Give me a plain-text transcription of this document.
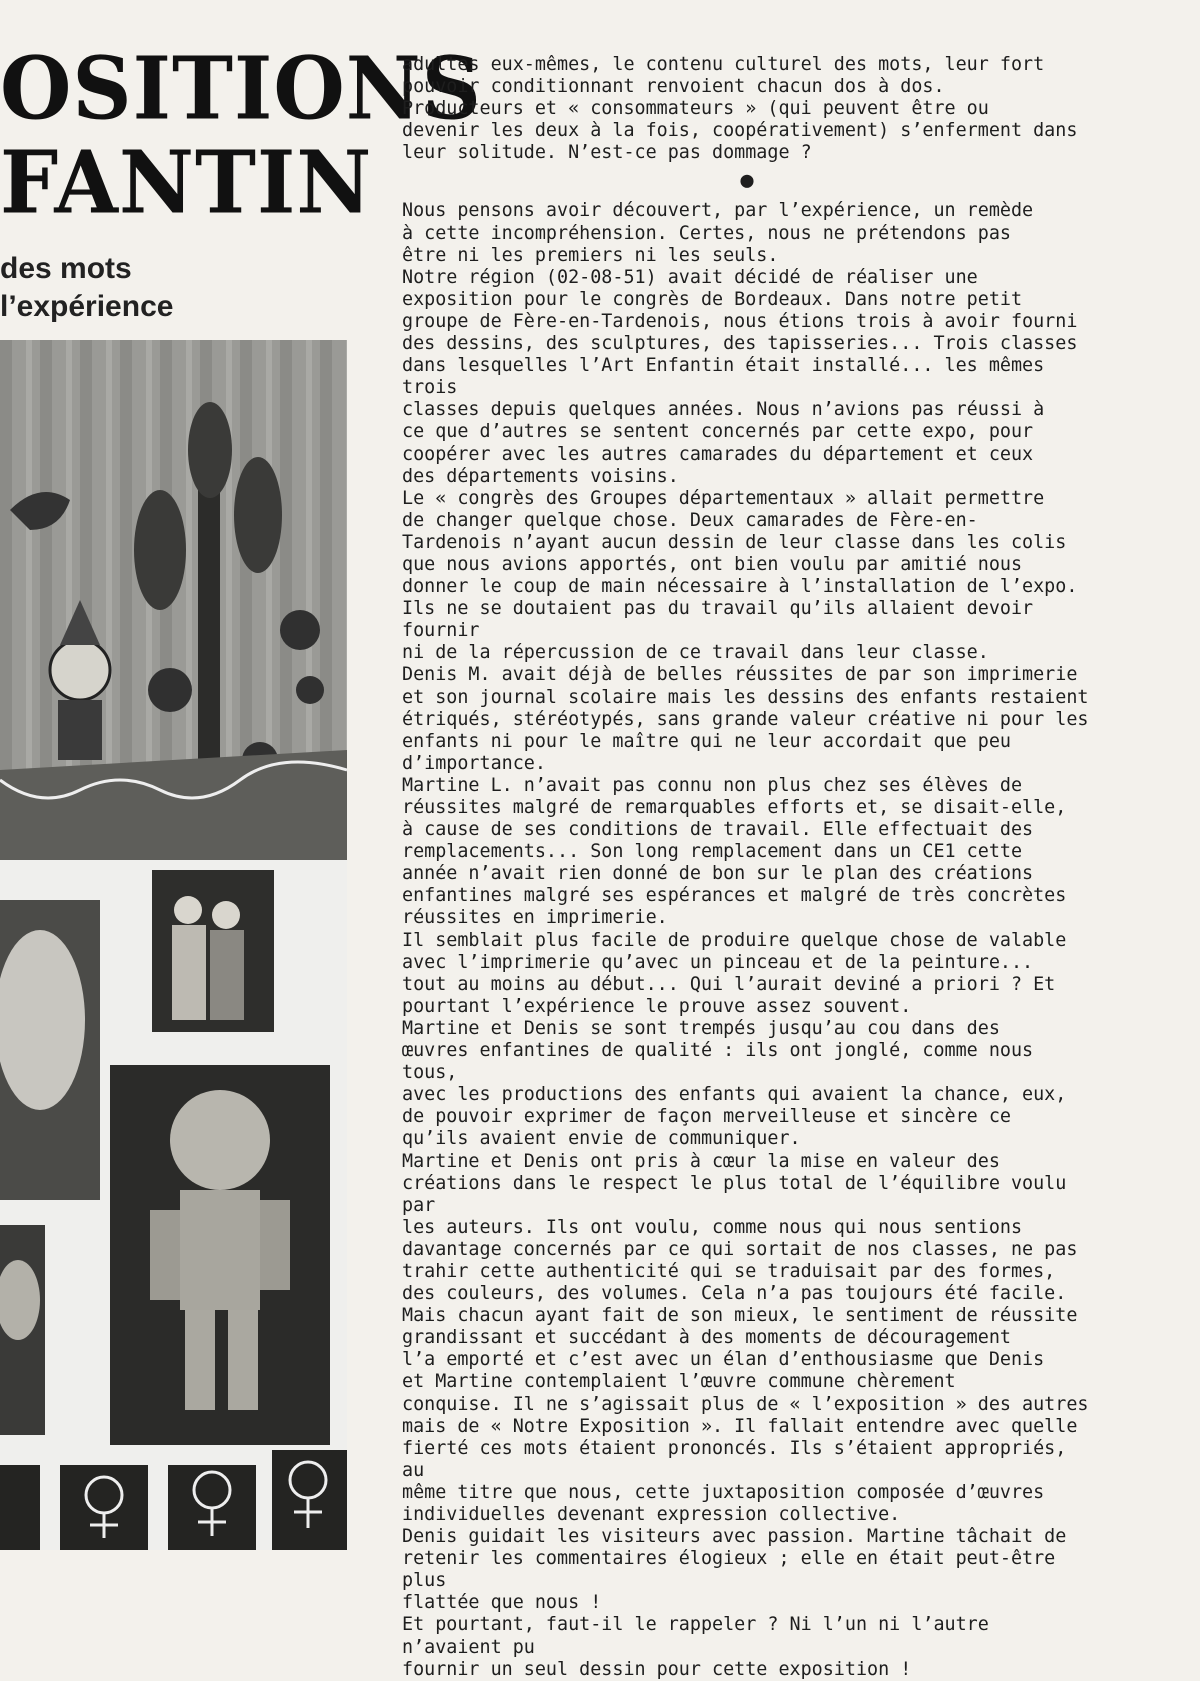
OSITIONS
FANTIN
des mots
l’expérience

adultes eux-mêmes, le contenu culturel des mots, leur fort

pouvoir conditionnant renvoient chacun dos à dos.

Producteurs et « consommateurs » (qui peuvent être ou

devenir les deux à la fois, coopérativement) s’enferment dans

leur solitude. N’est-ce pas dommage ?

●

Nous pensons avoir découvert, par l’expérience, un remède

à cette incompréhension. Certes, nous ne prétendons pas

être ni les premiers ni les seuls.

Notre région (02-08-51) avait décidé de réaliser une

exposition pour le congrès de Bordeaux. Dans notre petit

groupe de Fère-en-Tardenois, nous étions trois à avoir fourni

des dessins, des sculptures, des tapisseries... Trois classes

dans lesquelles l’Art Enfantin était installé... les mêmes trois

classes depuis quelques années. Nous n’avions pas réussi à

ce que d’autres se sentent concernés par cette expo, pour

coopérer avec les autres camarades du département et ceux

des départements voisins.

Le « congrès des Groupes départementaux » allait permettre

de changer quelque chose. Deux camarades de Fère-en-

Tardenois n’ayant aucun dessin de leur classe dans les colis

que nous avions apportés, ont bien voulu par amitié nous

donner le coup de main nécessaire à l’installation de l’expo.

Ils ne se doutaient pas du travail qu’ils allaient devoir fournir

ni de la répercussion de ce travail dans leur classe.

Denis M. avait déjà de belles réussites de par son imprimerie

et son journal scolaire mais les dessins des enfants restaient

étriqués, stéréotypés, sans grande valeur créative ni pour les

enfants ni pour le maître qui ne leur accordait que peu

d’importance.

Martine L. n’avait pas connu non plus chez ses élèves de

réussites malgré de remarquables efforts et, se disait-elle,

à cause de ses conditions de travail. Elle effectuait des

remplacements... Son long remplacement dans un CE1 cette

année n’avait rien donné de bon sur le plan des créations

enfantines malgré ses espérances et malgré de très concrètes

réussites en imprimerie.

Il semblait plus facile de produire quelque chose de valable

avec l’imprimerie qu’avec un pinceau et de la peinture...

tout au moins au début... Qui l’aurait deviné a priori ? Et

pourtant l’expérience le prouve assez souvent.

Martine et Denis se sont trempés jusqu’au cou dans des

œuvres enfantines de qualité : ils ont jonglé, comme nous tous,

avec les productions des enfants qui avaient la chance, eux,

de pouvoir exprimer de façon merveilleuse et sincère ce

qu’ils avaient envie de communiquer.

Martine et Denis ont pris à cœur la mise en valeur des

créations dans le respect le plus total de l’équilibre voulu par

les auteurs. Ils ont voulu, comme nous qui nous sentions

davantage concernés par ce qui sortait de nos classes, ne pas

trahir cette authenticité qui se traduisait par des formes,

des couleurs, des volumes. Cela n’a pas toujours été facile.

Mais chacun ayant fait de son mieux, le sentiment de réussite

grandissant et succédant à des moments de découragement

l’a emporté et c’est avec un élan d’enthousiasme que Denis

et Martine contemplaient l’œuvre commune chèrement

conquise. Il ne s’agissait plus de « l’exposition » des autres

mais de « Notre Exposition ». Il fallait entendre avec quelle

fierté ces mots étaient prononcés. Ils s’étaient appropriés, au

même titre que nous, cette juxtaposition composée d’œuvres

individuelles devenant expression collective.

Denis guidait les visiteurs avec passion. Martine tâchait de

retenir les commentaires élogieux ; elle en était peut-être plus

flattée que nous !

Et pourtant, faut-il le rappeler ? Ni l’un ni l’autre n’avaient pu

fournir un seul dessin pour cette exposition !
